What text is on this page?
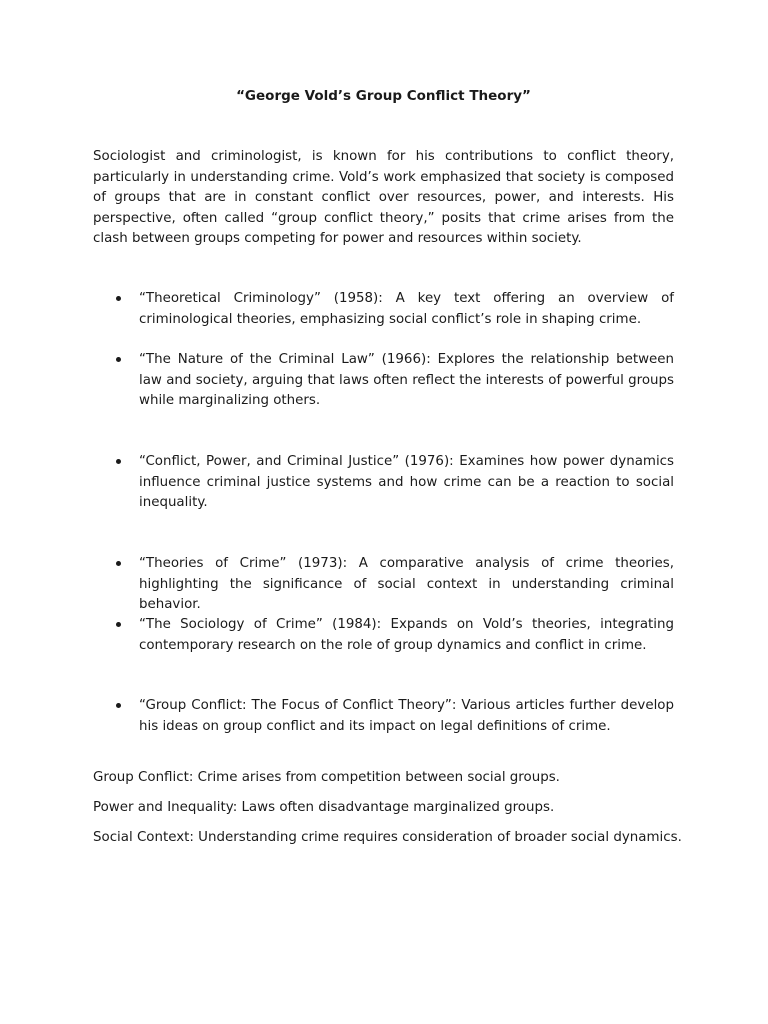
“George Vold’s Group Conflict Theory”

Sociologist and criminologist, is known for his contributions to conflict theory, particularly in understanding crime. Vold’s work emphasized that society is composed of groups that are in constant conflict over resources, power, and interests. His perspective, often called “group conflict theory,” posits that crime arises from the clash between groups competing for power and resources within society.

“Theoretical Criminology” (1958): A key text offering an overview of criminological theories, emphasizing social conflict’s role in shaping crime.

“The Nature of the Criminal Law” (1966): Explores the relationship between law and society, arguing that laws often reflect the interests of powerful groups while marginalizing others.

“Conflict, Power, and Criminal Justice” (1976): Examines how power dynamics influence criminal justice systems and how crime can be a reaction to social inequality.

“Theories of Crime” (1973): A comparative analysis of crime theories, highlighting the significance of social context in understanding criminal behavior.

“The Sociology of Crime” (1984): Expands on Vold’s theories, integrating contemporary research on the role of group dynamics and conflict in crime.

“Group Conflict: The Focus of Conflict Theory”: Various articles further develop his ideas on group conflict and its impact on legal definitions of crime.

Group Conflict: Crime arises from competition between social groups.

Power and Inequality: Laws often disadvantage marginalized groups.

Social Context: Understanding crime requires consideration of broader social dynamics.
